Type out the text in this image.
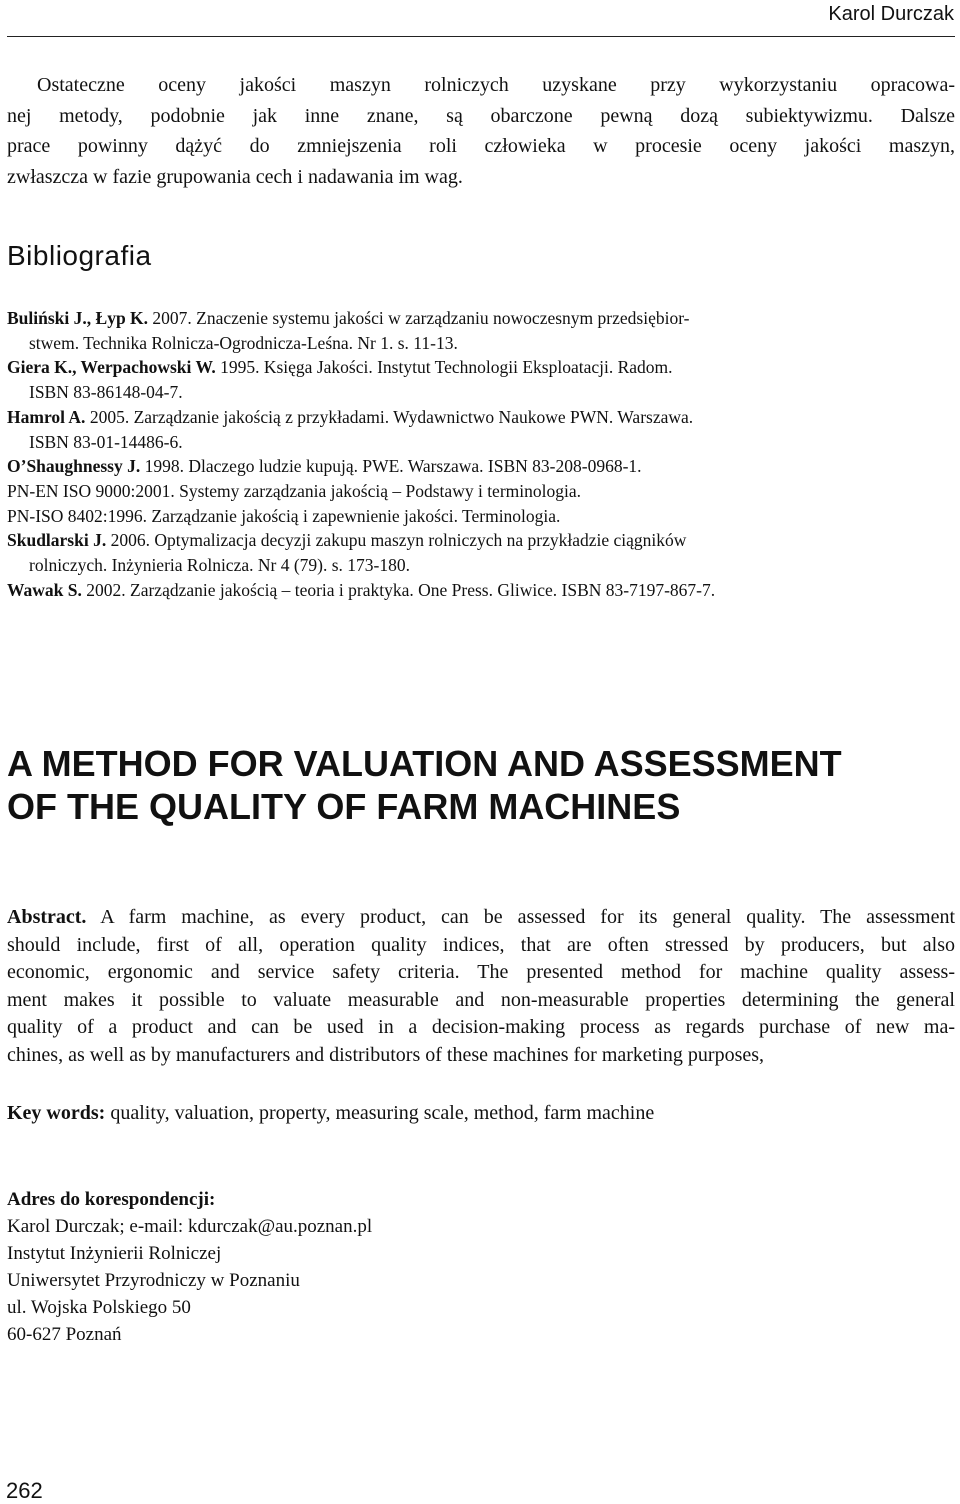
Karol Durczak
Ostateczne oceny jakości maszyn rolniczych uzyskane przy wykorzystaniu opracowa-
nej metody, podobnie jak inne znane, są obarczone pewną dozą subiektywizmu. Dalsze
prace powinny dążyć do zmniejszenia roli człowieka w procesie oceny jakości maszyn,
zwłaszcza w fazie grupowania cech i nadawania im wag.
Bibliografia
Buliński J., Łyp K. 2007. Znaczenie systemu jakości w zarządzaniu nowoczesnym przedsiębior-
stwem. Technika Rolnicza-Ogrodnicza-Leśna. Nr 1. s. 11-13.
Giera K., Werpachowski W. 1995. Księga Jakości. Instytut Technologii Eksploatacji. Radom.
ISBN 83-86148-04-7.
Hamrol A. 2005. Zarządzanie jakością z przykładami. Wydawnictwo Naukowe PWN. Warszawa.
ISBN 83-01-14486-6.
O’Shaughnessy J. 1998. Dlaczego ludzie kupują. PWE. Warszawa. ISBN 83-208-0968-1.
PN-EN ISO 9000:2001. Systemy zarządzania jakością – Podstawy i terminologia.
PN-ISO 8402:1996. Zarządzanie jakością i zapewnienie jakości. Terminologia.
Skudlarski J. 2006. Optymalizacja decyzji zakupu maszyn rolniczych na przykładzie ciągników
rolniczych. Inżynieria Rolnicza. Nr 4 (79). s. 173-180.
Wawak S. 2002. Zarządzanie jakością – teoria i praktyka. One Press. Gliwice. ISBN 83-7197-867-7.
A METHOD FOR VALUATION AND ASSESSMENT
OF THE QUALITY OF FARM MACHINES
Abstract. A farm machine, as every product, can be assessed for its general quality. The assessment
should include, first of all, operation quality indices, that are often stressed by producers, but also
economic, ergonomic and service safety criteria. The presented method for machine quality assess-
ment makes it possible to valuate measurable and non-measurable properties determining the general
quality of a product and can be used in a decision-making process as regards purchase of new ma-
chines, as well as by manufacturers and distributors of these machines for marketing purposes,
Key words: quality, valuation, property, measuring scale, method, farm machine
Adres do korespondencji:
Karol Durczak; e-mail: kdurczak@au.poznan.pl
Instytut Inżynierii Rolniczej
Uniwersytet Przyrodniczy w Poznaniu
ul. Wojska Polskiego 50
60-627 Poznań
262
